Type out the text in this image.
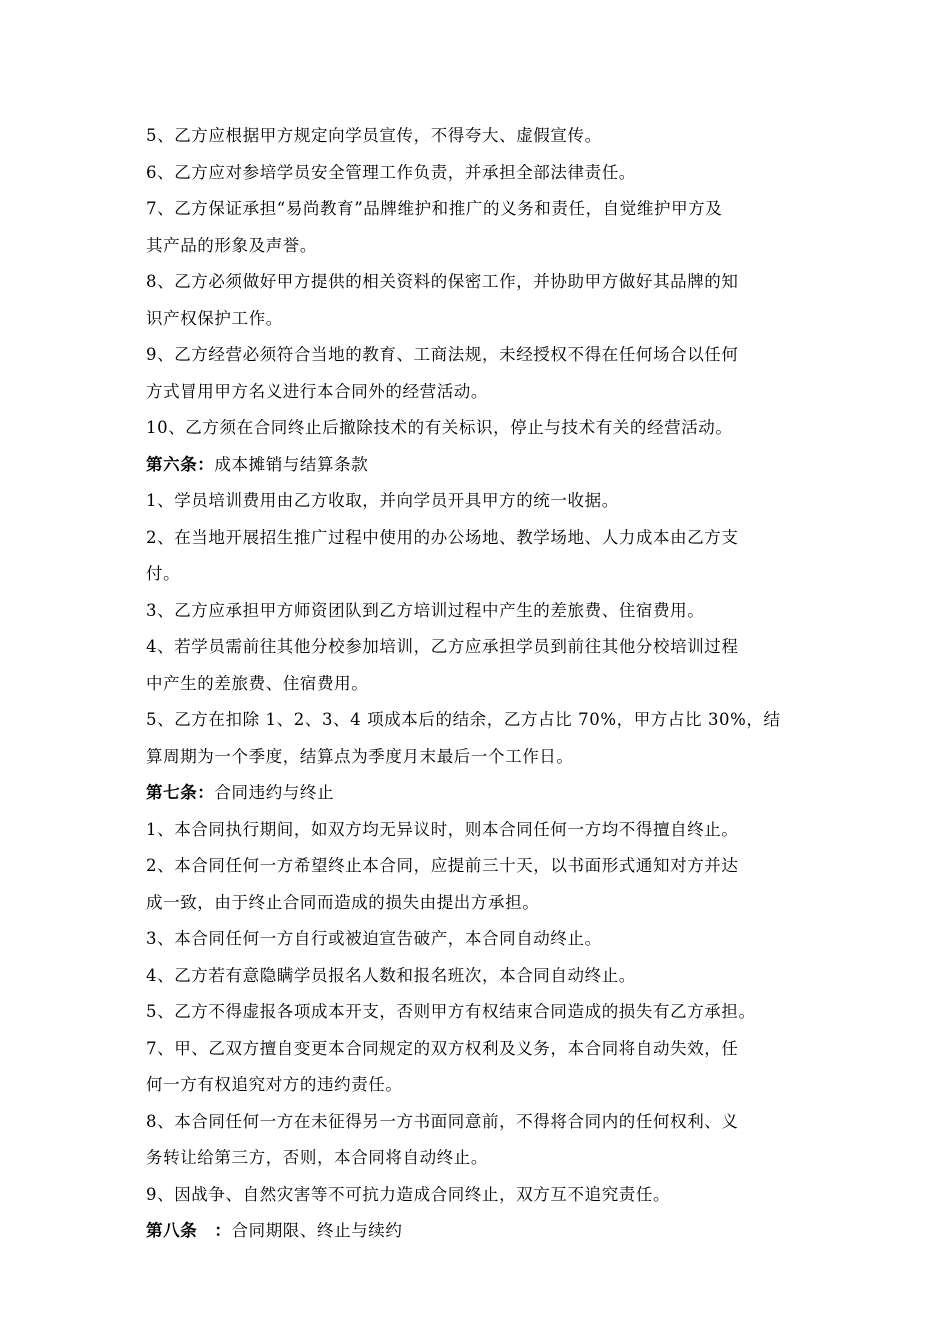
5、乙方应根据甲方规定向学员宣传，不得夸大、虚假宣传。
6、乙方应对参培学员安全管理工作负责，并承担全部法律责任。
7、乙方保证承担“易尚教育”品牌维护和推广的义务和责任，自觉维护甲方及
其产品的形象及声誉。
8、乙方必须做好甲方提供的相关资料的保密工作，并协助甲方做好其品牌的知
识产权保护工作。
9、乙方经营必须符合当地的教育、工商法规，未经授权不得在任何场合以任何
方式冒用甲方名义进行本合同外的经营活动。
10、乙方须在合同终止后撤除技术的有关标识，停止与技术有关的经营活动。
第六条：成本摊销与结算条款
1、学员培训费用由乙方收取，并向学员开具甲方的统一收据。
2、在当地开展招生推广过程中使用的办公场地、教学场地、人力成本由乙方支
付。
3、乙方应承担甲方师资团队到乙方培训过程中产生的差旅费、住宿费用。
4、若学员需前往其他分校参加培训，乙方应承担学员到前往其他分校培训过程
中产生的差旅费、住宿费用。
5、乙方在扣除 1、2、3、4 项成本后的结余，乙方占比 70%，甲方占比 30%，结
算周期为一个季度，结算点为季度月末最后一个工作日。
第七条：合同违约与终止
1、本合同执行期间，如双方均无异议时，则本合同任何一方均不得擅自终止。
2、本合同任何一方希望终止本合同，应提前三十天，以书面形式通知对方并达
成一致，由于终止合同而造成的损失由提出方承担。
3、本合同任何一方自行或被迫宣告破产，本合同自动终止。
4、乙方若有意隐瞒学员报名人数和报名班次，本合同自动终止。
5、乙方不得虚报各项成本开支，否则甲方有权结束合同造成的损失有乙方承担。
7、甲、乙双方擅自变更本合同规定的双方权利及义务，本合同将自动失效，任
何一方有权追究对方的违约责任。
8、本合同任何一方在未征得另一方书面同意前，不得将合同内的任何权利、义
务转让给第三方，否则，本合同将自动终止。
9、因战争、自然灾害等不可抗力造成合同终止，双方互不追究责任。
第八条　：合同期限、终止与续约
